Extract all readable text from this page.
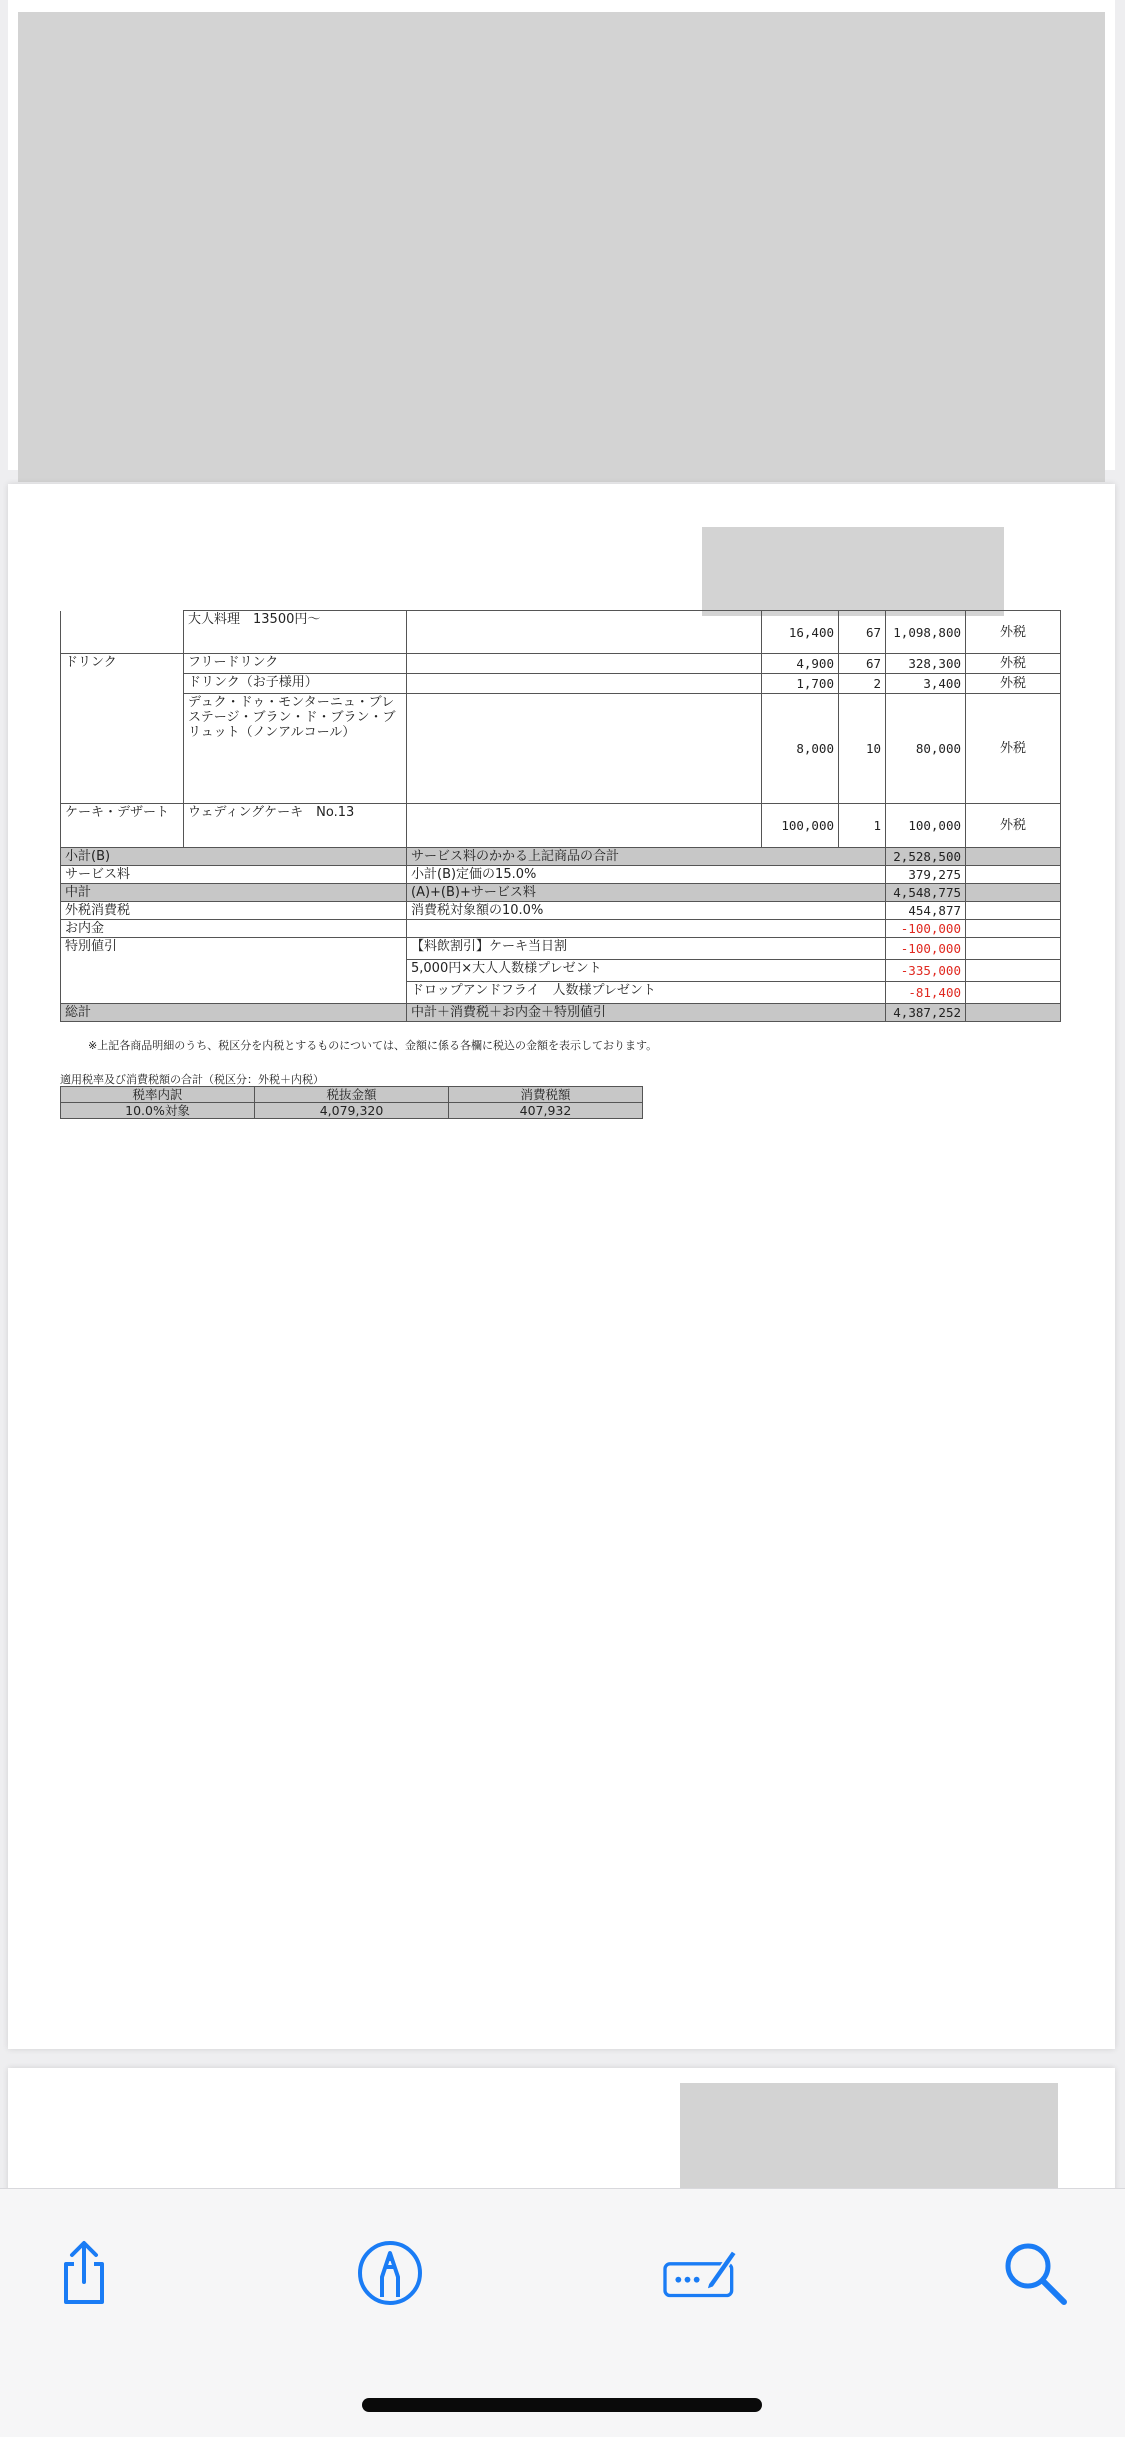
	大人料理　13500円～		16,400	67	1,098,800	外税
ドリンク	フリードリンク		4,900	67	328,300	外税
	ドリンク（お子様用）		1,700	2	3,400	外税
	デュク・ドゥ・モンターニュ・ブレステージ・ブラン・ド・ブラン・ブリュット（ノンアルコール）		8,000	10	80,000	外税
ケーキ・デザート	ウェディングケーキ　No.13		100,000	1	100,000	外税
小計(B)		サービス料のかかる上記商品の合計			2,528,500	
サービス料		小計(B)定価の15.0%			379,275	
中計		(A)+(B)+サービス料			4,548,775	
外税消費税		消費税対象額の10.0%			454,877	
お内金					-100,000	
特別値引		【料飲割引】ケーキ当日割			-100,000	
		5,000円×大人人数様プレゼント			-335,000	
		ドロップアンドフライ　人数様プレゼント			-81,400	
総計		中計＋消費税＋お内金＋特別値引			4,387,252	
※上記各商品明細のうち、税区分を内税とするものについては、金額に係る各欄に税込の金額を表示しております。
適用税率及び消費税額の合計（税区分：外税＋内税）
税率内訳	税抜金額	消費税額
10.0%対象	4,079,320	407,932
